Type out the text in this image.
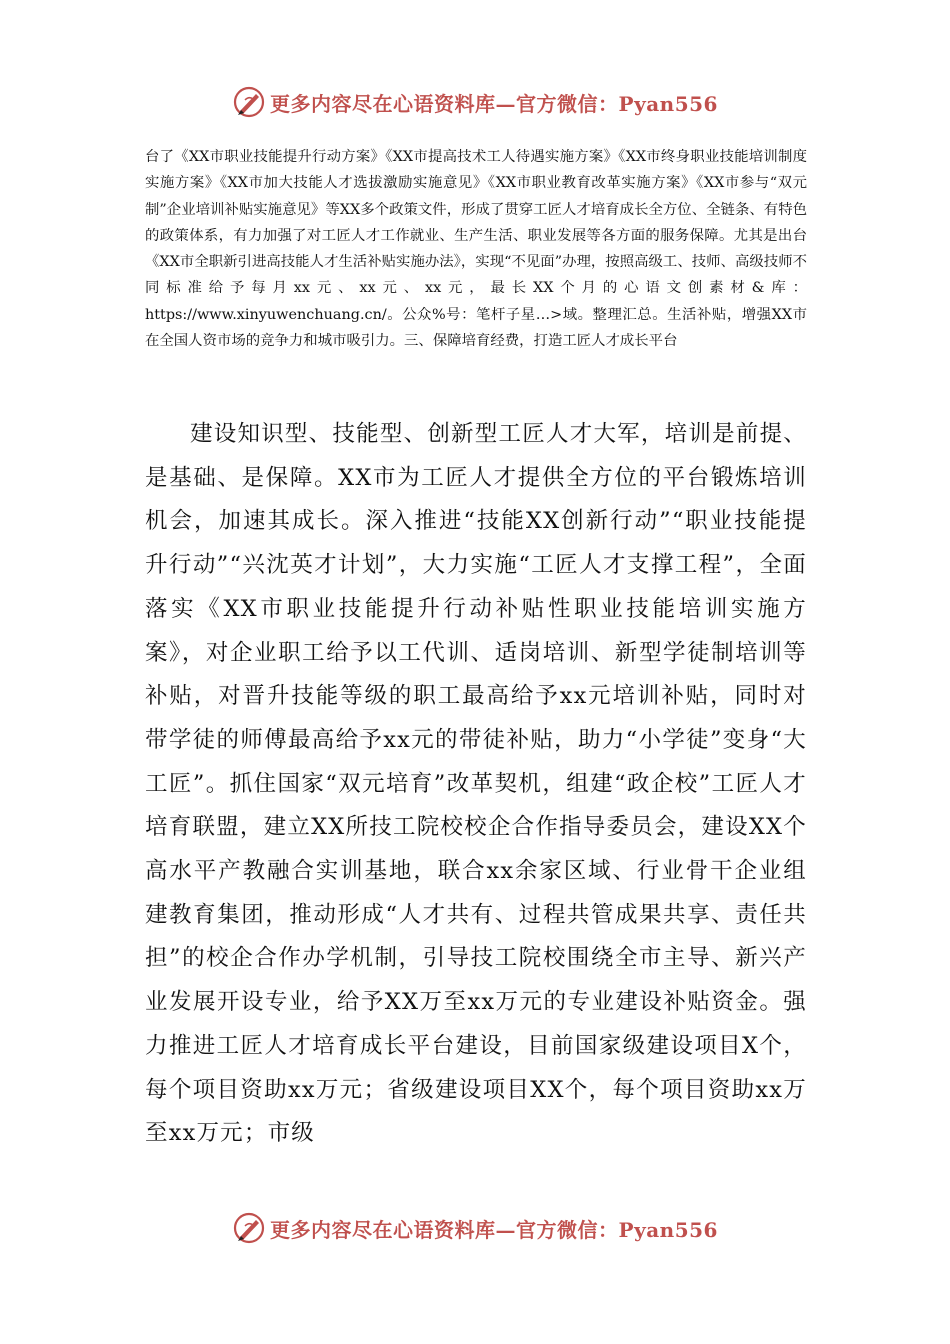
更多内容尽在心语资料库—官方微信：Pyan556

台了《XX市职业技能提升行动方案》《XX市提高技术工人待遇实施方案》《XX市终身职业技能培训制度实施方案》《XX市加大技能人才选拔激励实施意见》《XX市职业教育改革实施方案》《XX市参与“双元制”企业培训补贴实施意见》等XX多个政策文件，形成了贯穿工匠人才培育成长全方位、全链条、有特色的政策体系，有力加强了对工匠人才工作就业、生产生活、职业发展等各方面的服务保障。尤其是出台《XX市全职新引进高技能人才生活补贴实施办法》，实现“不见面”办理，按照高级工、技师、高级技师不同标准给予每月xx元、xx元、xx元，最长XX个月的心语文创素材&库：https://www.xinyuwenchuang.cn/。公众%号：笔杆子星…>域。整理汇总。生活补贴，增强XX市在全国人资市场的竞争力和城市吸引力。三、保障培育经费，打造工匠人才成长平台

建设知识型、技能型、创新型工匠人才大军，培训是前提、是基础、是保障。XX市为工匠人才提供全方位的平台锻炼培训机会，加速其成长。深入推进“技能XX创新行动”“职业技能提升行动”“兴沈英才计划”，大力实施“工匠人才支撑工程”，全面落实《XX市职业技能提升行动补贴性职业技能培训实施方案》，对企业职工给予以工代训、适岗培训、新型学徒制培训等补贴，对晋升技能等级的职工最高给予xx元培训补贴，同时对带学徒的师傅最高给予xx元的带徒补贴，助力“小学徒”变身“大工匠”。抓住国家“双元培育”改革契机，组建“政企校”工匠人才培育联盟，建立XX所技工院校校企合作指导委员会，建设XX个高水平产教融合实训基地，联合xx余家区域、行业骨干企业组建教育集团，推动形成“人才共有、过程共管成果共享、责任共担”的校企合作办学机制，引导技工院校围绕全市主导、新兴产业发展开设专业，给予XX万至xx万元的专业建设补贴资金。强力推进工匠人才培育成长平台建设，目前国家级建设项目X个，每个项目资助xx万元；省级建设项目XX个，每个项目资助xx万至xx万元；市级

更多内容尽在心语资料库—官方微信：Pyan556
